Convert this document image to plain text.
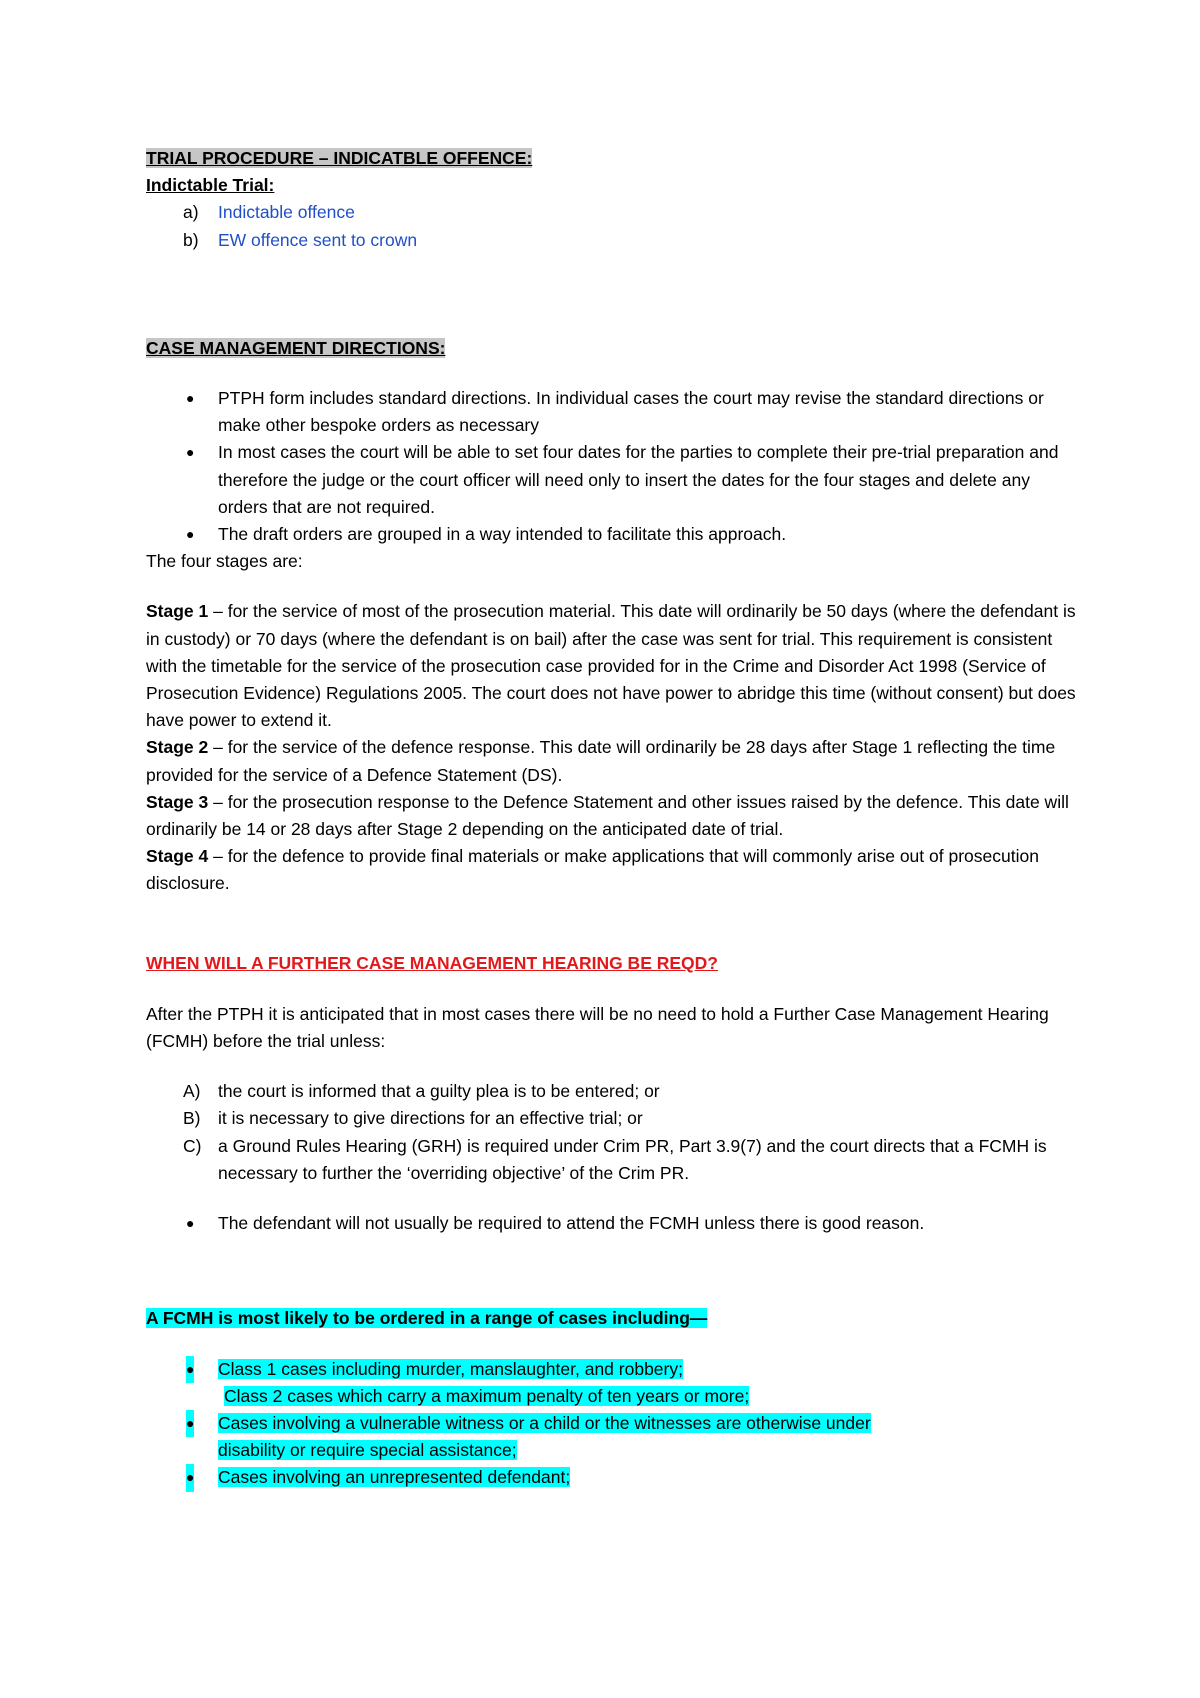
TRIAL PROCEDURE – INDICATBLE OFFENCE:

Indictable Trial:

a) Indictable offence
b) EW offence sent to crown

CASE MANAGEMENT DIRECTIONS:

● PTPH form includes standard directions. In individual cases the court may revise the standard directions or make other bespoke orders as necessary
● In most cases the court will be able to set four dates for the parties to complete their pre-trial preparation and therefore the judge or the court officer will need only to insert the dates for the four stages and delete any orders that are not required.
● The draft orders are grouped in a way intended to facilitate this approach.

The four stages are:

Stage 1 – for the service of most of the prosecution material. This date will ordinarily be 50 days (where the defendant is in custody) or 70 days (where the defendant is on bail) after the case was sent for trial. This requirement is consistent with the timetable for the service of the prosecution case provided for in the Crime and Disorder Act 1998 (Service of Prosecution Evidence) Regulations 2005. The court does not have power to abridge this time (without consent) but does have power to extend it.

Stage 2 – for the service of the defence response. This date will ordinarily be 28 days after Stage 1 reflecting the time provided for the service of a Defence Statement (DS).

Stage 3 – for the prosecution response to the Defence Statement and other issues raised by the defence. This date will ordinarily be 14 or 28 days after Stage 2 depending on the anticipated date of trial.

Stage 4 – for the defence to provide final materials or make applications that will commonly arise out of prosecution disclosure.

WHEN WILL A FURTHER CASE MANAGEMENT HEARING BE REQD?

After the PTPH it is anticipated that in most cases there will be no need to hold a Further Case Management Hearing (FCMH) before the trial unless:

A) the court is informed that a guilty plea is to be entered; or
B) it is necessary to give directions for an effective trial; or
C) a Ground Rules Hearing (GRH) is required under Crim PR, Part 3.9(7) and the court directs that a FCMH is necessary to further the ‘overriding objective’ of the Crim PR.
● The defendant will not usually be required to attend the FCMH unless there is good reason.

A FCMH is most likely to be ordered in a range of cases including—

● Class 1 cases including murder, manslaughter, and robbery;
Class 2 cases which carry a maximum penalty of ten years or more;
● Cases involving a vulnerable witness or a child or the witnesses are otherwise under
disability or require special assistance;
● Cases involving an unrepresented defendant;
